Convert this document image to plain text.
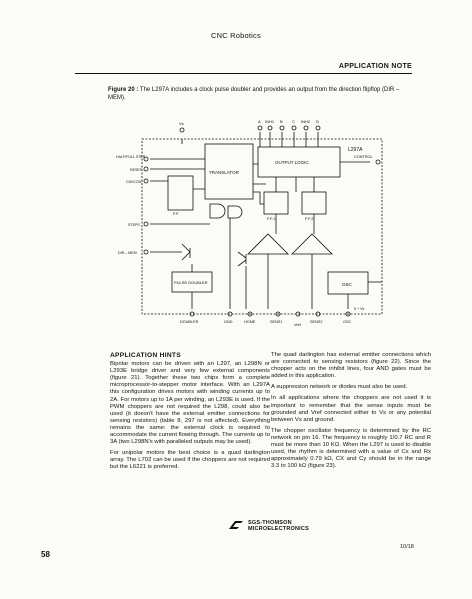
CNC Robotics
APPLICATION NOTE
Figure 20 : The L297A includes a clock pulse doubler and provides an output from the direction flipflop (DIR – MEM).
L297A
TRANSLATOR
OUTPUT LOGIC
PULSE DOUBLER	OSC
F.F.
F.F.1	F.F.2
Vs	A INH1 B C INH2 D
HALF/FULL STEP
RESET
CW/CCW
STEPS
DIR – MEM
DOUBLER	GND	HOME	SENS1
Vref
SENS2	OSC
CONTROL
5 + Vs
APPLICATION HINTS

Bipolar motors can be driven with an L297, an L298N or L293E bridge driver and very few external components (figure 21). Together these two chips form a complete microprocessor-to-stepper motor interface. With an L297A this configuration drives motors with winding currents up to 2A. For motors up to 1A per winding, an L293E is used. If the PWM choppers are not required the L298, could also be used (it doesn't have the external emitter connections for sensing resistors) (table 8, 297 is not affected). Everything remains the same: the external clock is required to accommodate the current flowing through. The currents up to 3A (two L298N's with paralleled outputs may be used).

For unipolar motors the best choice is a quad darlington array. The L702 can be used if the choppers are not required but the L6221 is preferred.

The quad darlington has external emitter connections which are connected to sensing resistors (figure 22). Since the chopper acts on the inhibit lines, four AND gates must be added in this application.

A suppression network or diodes must also be used.

In all applications where the choppers are not used it is important to remember that the sense inputs must be grounded and Vref connected either to Vs or any potential between Vs and ground.

The chopper oscillator frequency is determined by the RC network on pin 16. The frequency is roughly 1/0.7 RC and R must be more than 10 KΩ. When the L297 is used to disable used, the rhythm is determined with a value of Cx and Rx approximately 0.79 kΩ, CX and Cy should be in the range 3.3 to 100 kΩ (figure 23).

SGS-THOMSON
MICROELECTRONICS
10/18
58
